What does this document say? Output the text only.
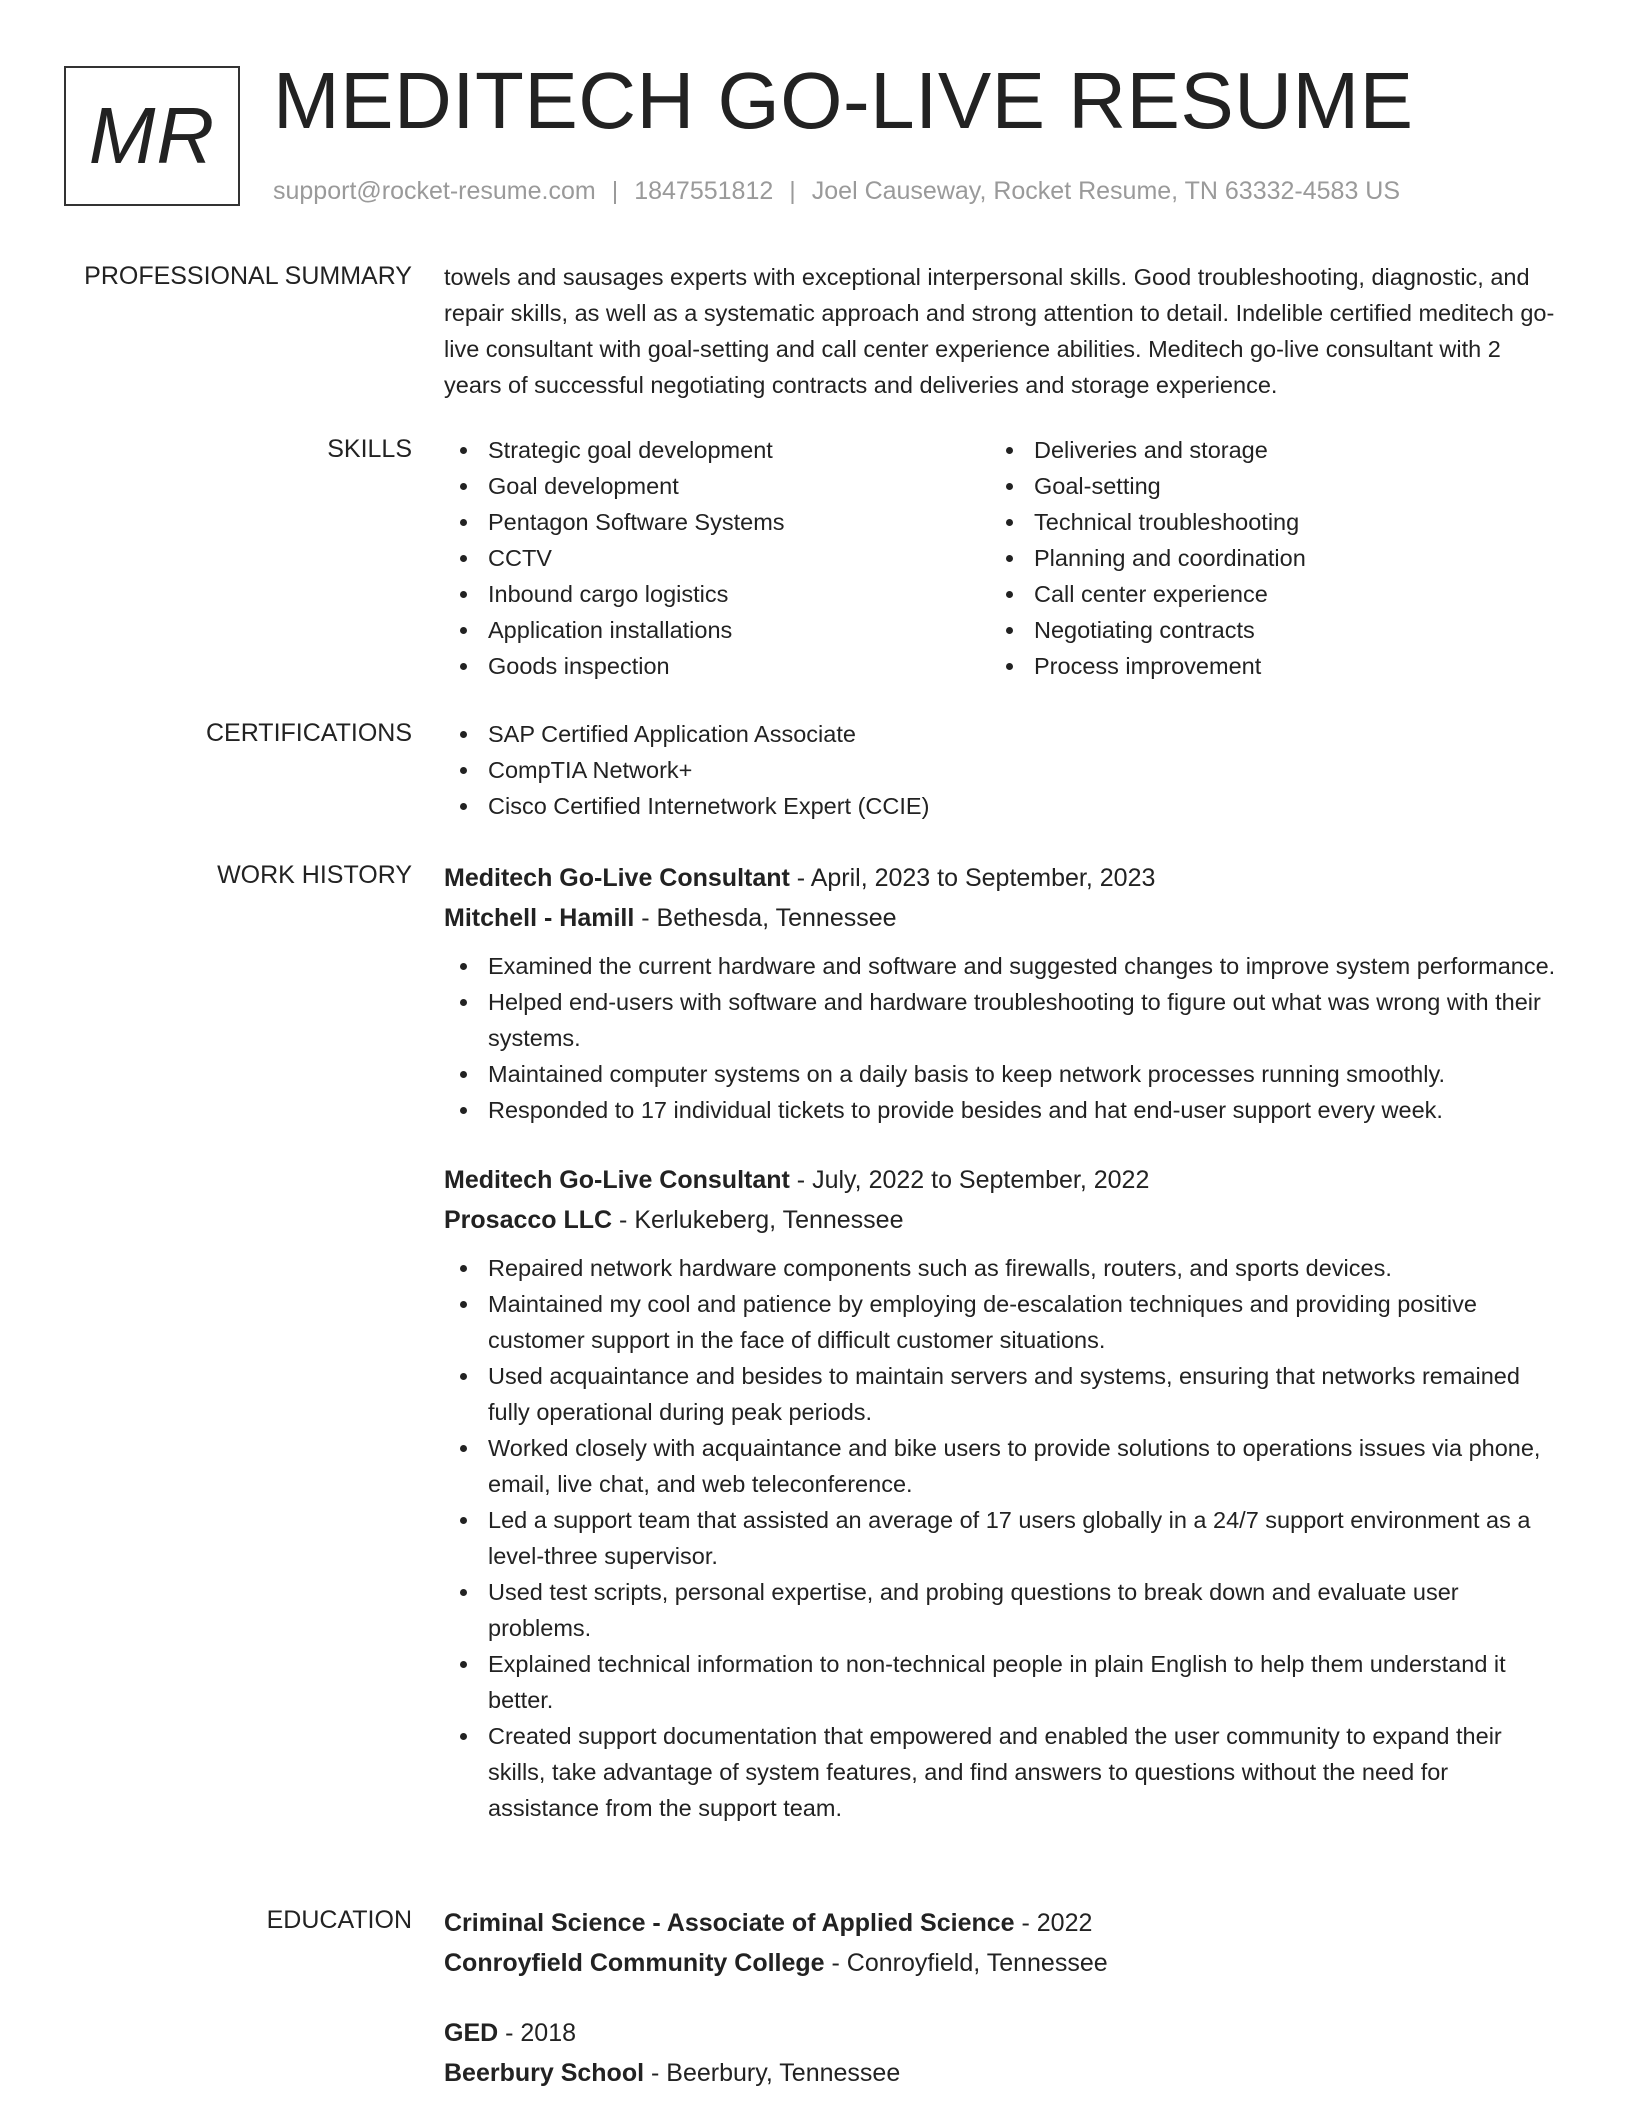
MR MEDITECH GO-LIVE RESUME
support@rocket-resume.com | 1847551812 | Joel Causeway, Rocket Resume, TN 63332-4583 US
PROFESSIONAL SUMMARY towels and sausages experts with exceptional interpersonal skills. Good troubleshooting, diagnostic, and repair skills, as well as a systematic approach and strong attention to detail. Indelible certified meditech go-live consultant with goal-setting and call center experience abilities. Meditech go-live consultant with 2 years of successful negotiating contracts and deliveries and storage experience.

SKILLS	Strategic goal development
Goal development
Pentagon Software Systems
CCTV
Inbound cargo logistics
Application installations
Goods inspection
Deliveries and storage
Goal-setting
Technical troubleshooting
Planning and coordination
Call center experience
Negotiating contracts
Process improvement
CERTIFICATIONS	SAP Certified Application Associate
CompTIA Network+
Cisco Certified Internetwork Expert (CCIE)
WORK HISTORY Meditech Go-Live Consultant - April, 2023 to September, 2023
Mitchell - Hamill - Bethesda, Tennessee
Examined the current hardware and software and suggested changes to improve system performance.
Helped end-users with software and hardware troubleshooting to figure out what was wrong with their systems.
Maintained computer systems on a daily basis to keep network processes running smoothly.
Responded to 17 individual tickets to provide besides and hat end-user support every week.
Meditech Go-Live Consultant - July, 2022 to September, 2022
Prosacco LLC - Kerlukeberg, Tennessee
Repaired network hardware components such as firewalls, routers, and sports devices.
Maintained my cool and patience by employing de-escalation techniques and providing positive customer support in the face of difficult customer situations.
Used acquaintance and besides to maintain servers and systems, ensuring that networks remained fully operational during peak periods.
Worked closely with acquaintance and bike users to provide solutions to operations issues via phone, email, live chat, and web teleconference.
Led a support team that assisted an average of 17 users globally in a 24/7 support environment as a level-three supervisor.
Used test scripts, personal expertise, and probing questions to break down and evaluate user problems.
Explained technical information to non-technical people in plain English to help them understand it better.
Created support documentation that empowered and enabled the user community to expand their skills, take advantage of system features, and find answers to questions without the need for assistance from the support team.
EDUCATION Criminal Science - Associate of Applied Science - 2022
Conroyfield Community College - Conroyfield, Tennessee
GED - 2018
Beerbury School - Beerbury, Tennessee
